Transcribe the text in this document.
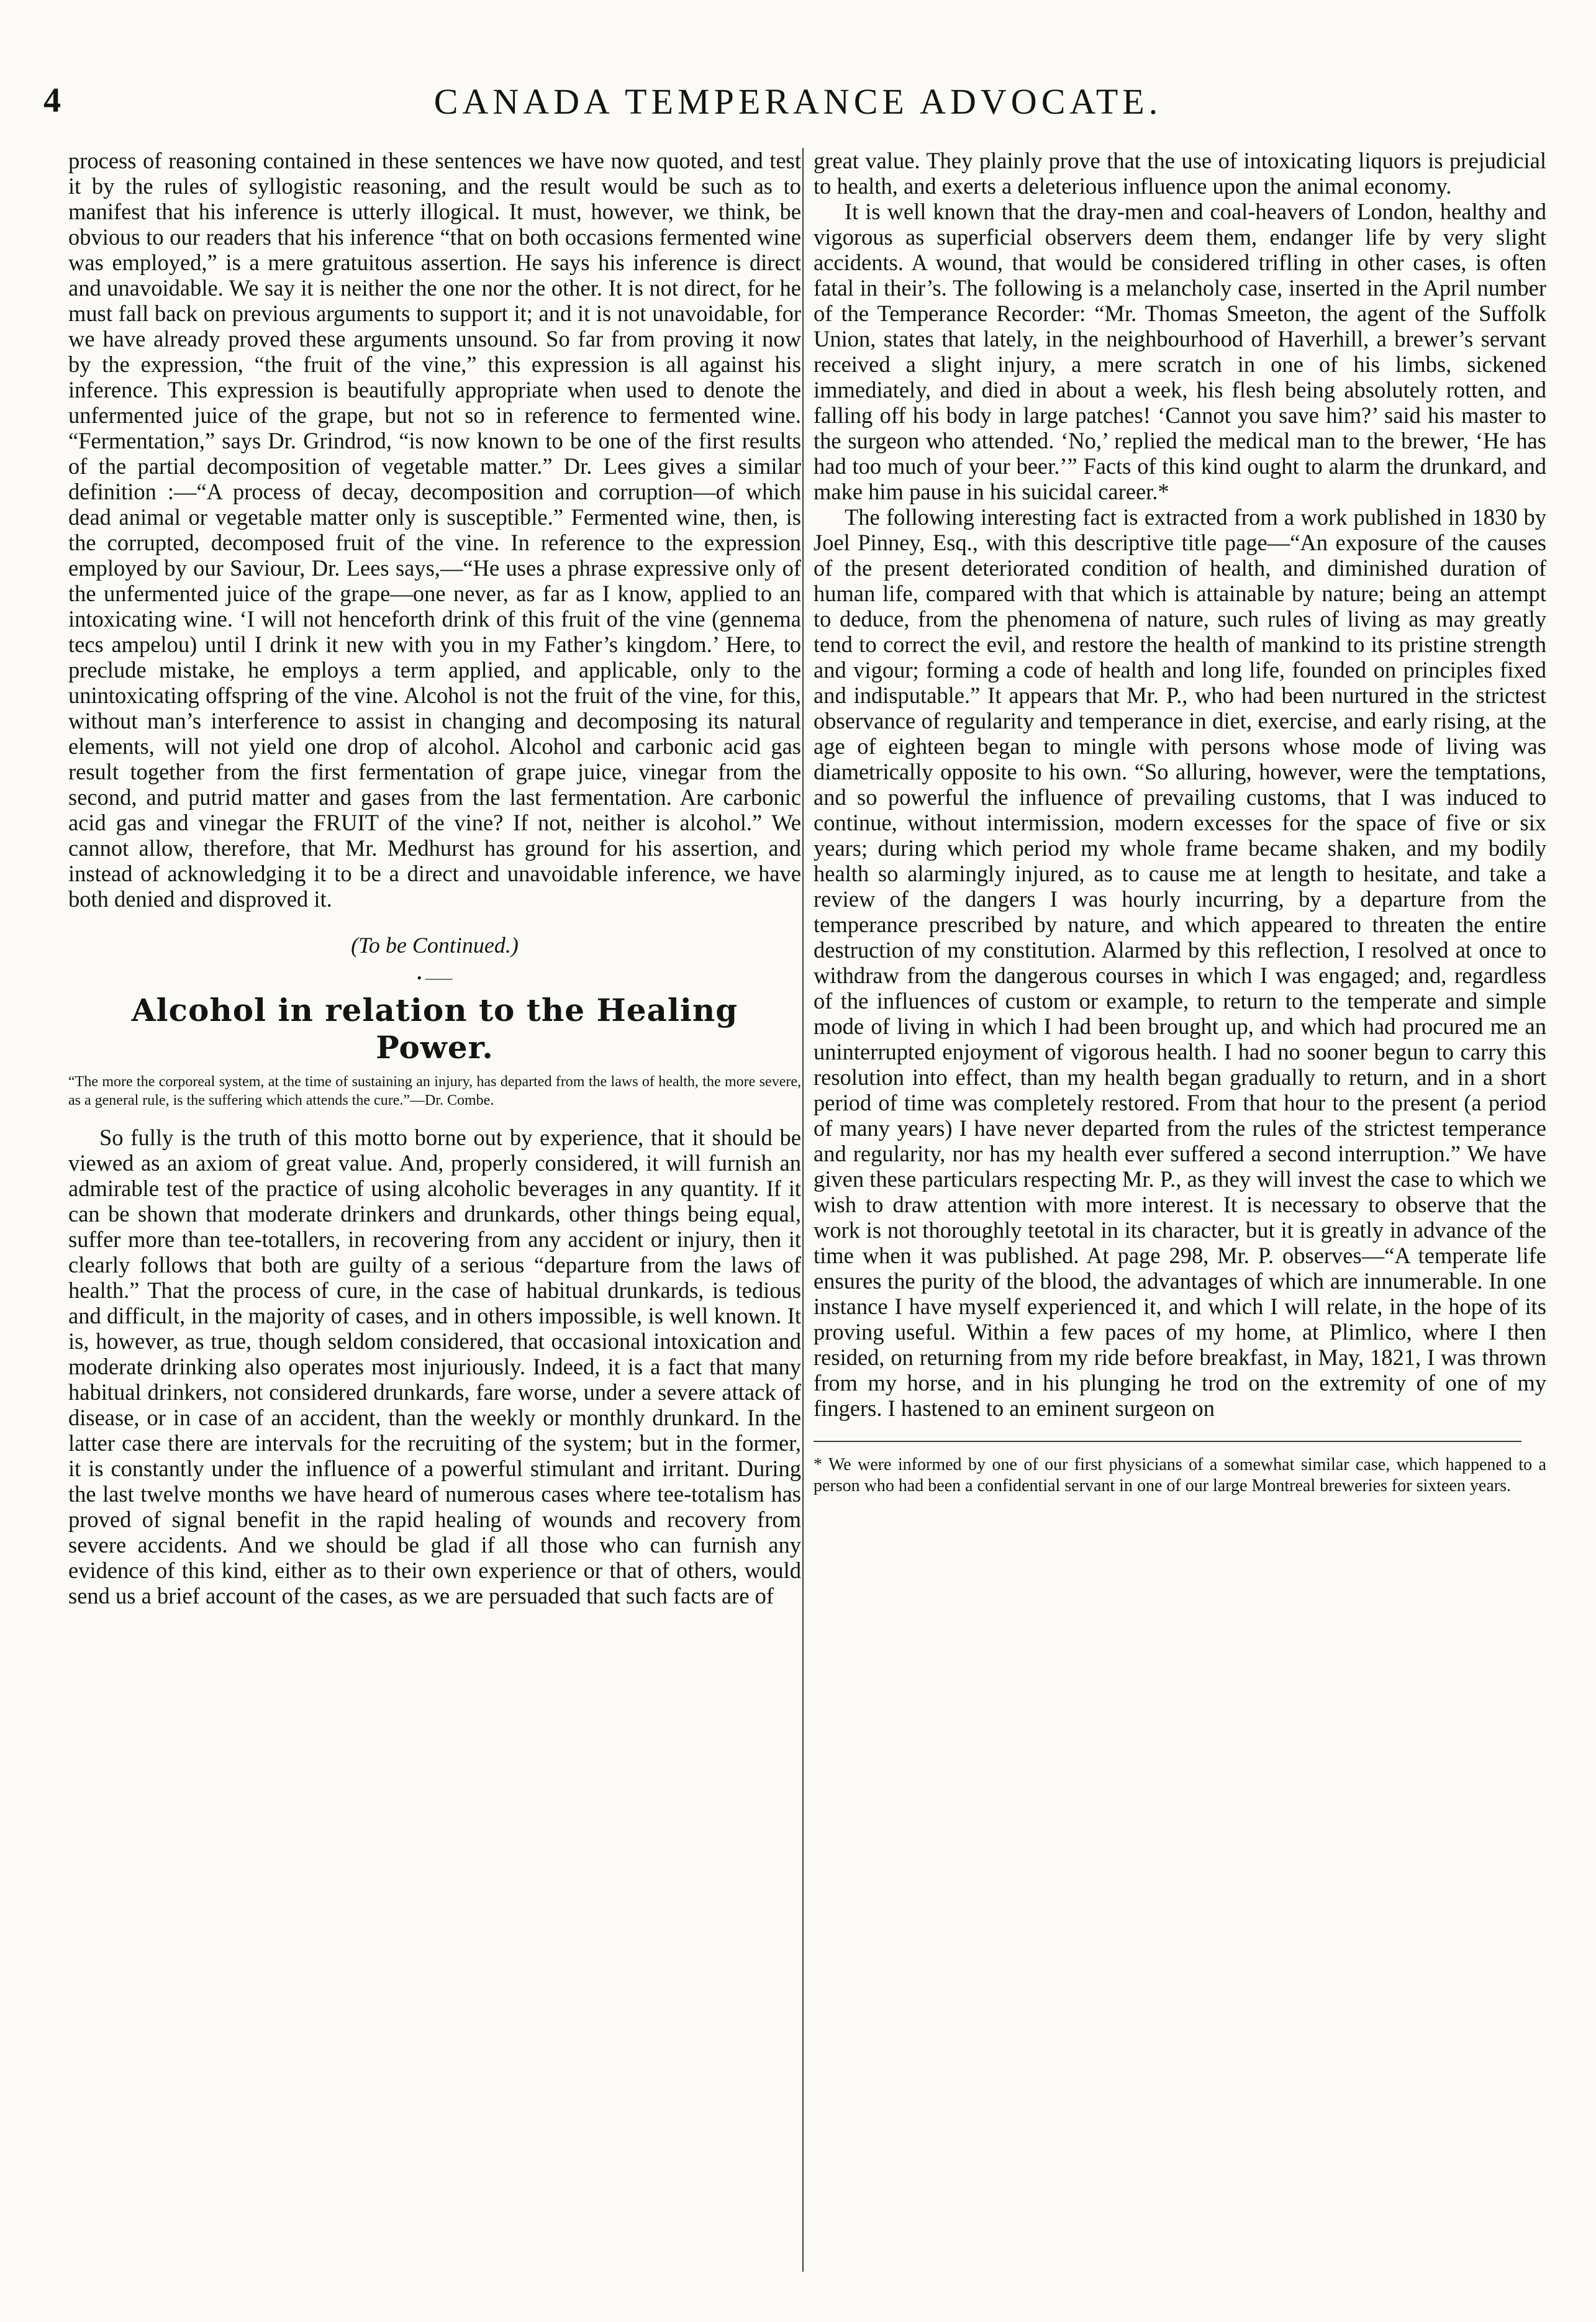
4	CANADA TEMPERANCE ADVOCATE.

process of reasoning contained in these sentences we have now quoted, and test it by the rules of syllogistic reasoning, and the result would be such as to manifest that his inference is utterly illogical. It must, however, we think, be obvious to our readers that his inference “that on both occasions fermented wine was employed,” is a mere gratuitous assertion. He says his inference is direct and unavoidable. We say it is neither the one nor the other. It is not direct, for he must fall back on previous arguments to support it; and it is not unavoidable, for we have already proved these arguments unsound. So far from proving it now by the expression, “the fruit of the vine,” this expression is all against his inference. This expression is beautifully appropriate when used to denote the unfermented juice of the grape, but not so in reference to fermented wine. “Fermentation,” says Dr. Grindrod, “is now known to be one of the first results of the partial decomposition of vegetable matter.” Dr. Lees gives a similar definition :—“A process of decay, decomposition and corruption—of which dead animal or vegetable matter only is susceptible.” Fermented wine, then, is the corrupted, decomposed fruit of the vine. In reference to the expression employed by our Saviour, Dr. Lees says,—“He uses a phrase expressive only of the unfermented juice of the grape—one never, as far as I know, applied to an intoxicating wine. ‘I will not henceforth drink of this fruit of the vine (gennema tecs ampelou) until I drink it new with you in my Father’s kingdom.’ Here, to preclude mistake, he employs a term applied, and applicable, only to the unintoxicating offspring of the vine. Alcohol is not the fruit of the vine, for this, without man’s interference to assist in changing and decomposing its natural elements, will not yield one drop of alcohol. Alcohol and carbonic acid gas result together from the first fermentation of grape juice, vinegar from the second, and putrid matter and gases from the last fermentation. Are carbonic acid gas and vinegar the FRUIT of the vine? If not, neither is alcohol.” We cannot allow, therefore, that Mr. Medhurst has ground for his assertion, and instead of acknowledging it to be a direct and unavoidable inference, we have both denied and disproved it.

(To be Continued.)
• ——
Alcohol in relation to the Healing Power.
“The more the corporeal system, at the time of sustaining an injury, has departed from the laws of health, the more severe, as a general rule, is the suffering which attends the cure.”—Dr. Combe.

So fully is the truth of this motto borne out by experience, that it should be viewed as an axiom of great value. And, properly considered, it will furnish an admirable test of the practice of using alcoholic beverages in any quantity. If it can be shown that moderate drinkers and drunkards, other things being equal, suffer more than tee-totallers, in recovering from any accident or injury, then it clearly follows that both are guilty of a serious “departure from the laws of health.” That the process of cure, in the case of habitual drunkards, is tedious and difficult, in the majority of cases, and in others impossible, is well known. It is, however, as true, though seldom considered, that occasional intoxication and moderate drinking also operates most injuriously. Indeed, it is a fact that many habitual drinkers, not considered drunkards, fare worse, under a severe attack of disease, or in case of an accident, than the weekly or monthly drunkard. In the latter case there are intervals for the recruiting of the system; but in the former, it is constantly under the influence of a powerful stimulant and irritant. During the last twelve months we have heard of numerous cases where tee-totalism has proved of signal benefit in the rapid healing of wounds and recovery from severe accidents. And we should be glad if all those who can furnish any evidence of this kind, either as to their own experience or that of others, would send us a brief account of the cases, as we are persuaded that such facts are of

great value. They plainly prove that the use of intoxicating liquors is prejudicial to health, and exerts a deleterious influence upon the animal economy.

It is well known that the dray-men and coal-heavers of London, healthy and vigorous as superficial observers deem them, endanger life by very slight accidents. A wound, that would be considered trifling in other cases, is often fatal in their’s. The following is a melancholy case, inserted in the April number of the Temperance Recorder: “Mr. Thomas Smeeton, the agent of the Suffolk Union, states that lately, in the neighbourhood of Haverhill, a brewer’s servant received a slight injury, a mere scratch in one of his limbs, sickened immediately, and died in about a week, his flesh being absolutely rotten, and falling off his body in large patches! ‘Cannot you save him?’ said his master to the surgeon who attended. ‘No,’ replied the medical man to the brewer, ‘He has had too much of your beer.’” Facts of this kind ought to alarm the drunkard, and make him pause in his suicidal career.*

The following interesting fact is extracted from a work published in 1830 by Joel Pinney, Esq., with this descriptive title page—“An exposure of the causes of the present deteriorated condition of health, and diminished duration of human life, compared with that which is attainable by nature; being an attempt to deduce, from the phenomena of nature, such rules of living as may greatly tend to correct the evil, and restore the health of mankind to its pristine strength and vigour; forming a code of health and long life, founded on principles fixed and indisputable.” It appears that Mr. P., who had been nurtured in the strictest observance of regularity and temperance in diet, exercise, and early rising, at the age of eighteen began to mingle with persons whose mode of living was diametrically opposite to his own. “So alluring, however, were the temptations, and so powerful the influence of prevailing customs, that I was induced to continue, without intermission, modern excesses for the space of five or six years; during which period my whole frame became shaken, and my bodily health so alarmingly injured, as to cause me at length to hesitate, and take a review of the dangers I was hourly incurring, by a departure from the temperance prescribed by nature, and which appeared to threaten the entire destruction of my constitution. Alarmed by this reflection, I resolved at once to withdraw from the dangerous courses in which I was engaged; and, regardless of the influences of custom or example, to return to the temperate and simple mode of living in which I had been brought up, and which had procured me an uninterrupted enjoyment of vigorous health. I had no sooner begun to carry this resolution into effect, than my health began gradually to return, and in a short period of time was completely restored. From that hour to the present (a period of many years) I have never departed from the rules of the strictest temperance and regularity, nor has my health ever suffered a second interruption.” We have given these particulars respecting Mr. P., as they will invest the case to which we wish to draw attention with more interest. It is necessary to observe that the work is not thoroughly teetotal in its character, but it is greatly in advance of the time when it was published. At page 298, Mr. P. observes—“A temperate life ensures the purity of the blood, the advantages of which are innumerable. In one instance I have myself experienced it, and which I will relate, in the hope of its proving useful. Within a few paces of my home, at Plimlico, where I then resided, on returning from my ride before breakfast, in May, 1821, I was thrown from my horse, and in his plunging he trod on the extremity of one of my fingers. I hastened to an eminent surgeon on

* We were informed by one of our first physicians of a somewhat similar case, which happened to a person who had been a confidential servant in one of our large Montreal breweries for sixteen years.
